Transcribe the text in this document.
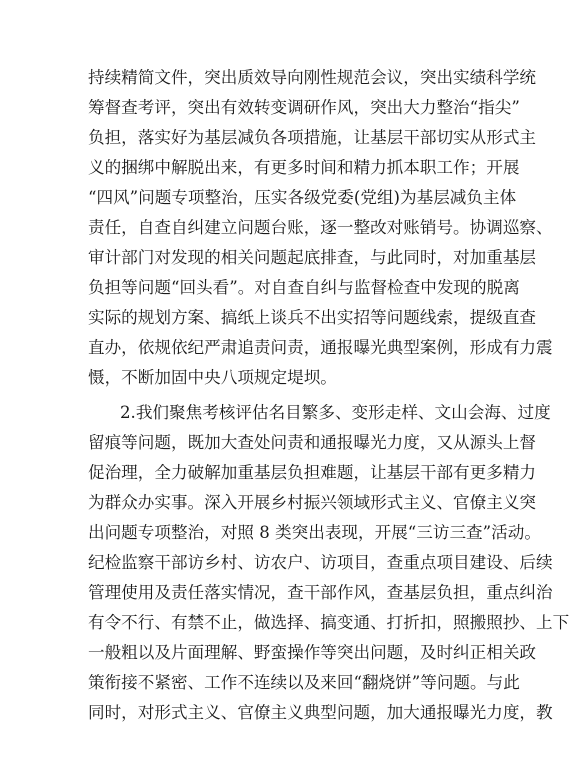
持续精简文件，突出质效导向刚性规范会议，突出实绩科学统
筹督查考评，突出有效转变调研作风，突出大力整治“指尖”
负担，落实好为基层减负各项措施，让基层干部切实从形式主
义的捆绑中解脱出来，有更多时间和精力抓本职工作；开展
“四风”问题专项整治，压实各级党委(党组)为基层减负主体
责任，自查自纠建立问题台账，逐一整改对账销号。协调巡察、
审计部门对发现的相关问题起底排查，与此同时，对加重基层
负担等问题“回头看”。对自查自纠与监督检查中发现的脱离
实际的规划方案、搞纸上谈兵不出实招等问题线索，提级直查
直办，依规依纪严肃追责问责，通报曝光典型案例，形成有力震
慑，不断加固中央八项规定堤坝。
2.我们聚焦考核评估名目繁多、变形走样、文山会海、过度
留痕等问题，既加大查处问责和通报曝光力度，又从源头上督
促治理，全力破解加重基层负担难题，让基层干部有更多精力
为群众办实事。深入开展乡村振兴领域形式主义、官僚主义突
出问题专项整治，对照 8 类突出表现，开展“三访三查”活动。
纪检监察干部访乡村、访农户、访项目，查重点项目建设、后续
管理使用及责任落实情况，查干部作风，查基层负担，重点纠治
有令不行、有禁不止，做选择、搞变通、打折扣，照搬照抄、上下
一般粗以及片面理解、野蛮操作等突出问题，及时纠正相关政
策衔接不紧密、工作不连续以及来回“翻烧饼”等问题。与此
同时，对形式主义、官僚主义典型问题，加大通报曝光力度，教
